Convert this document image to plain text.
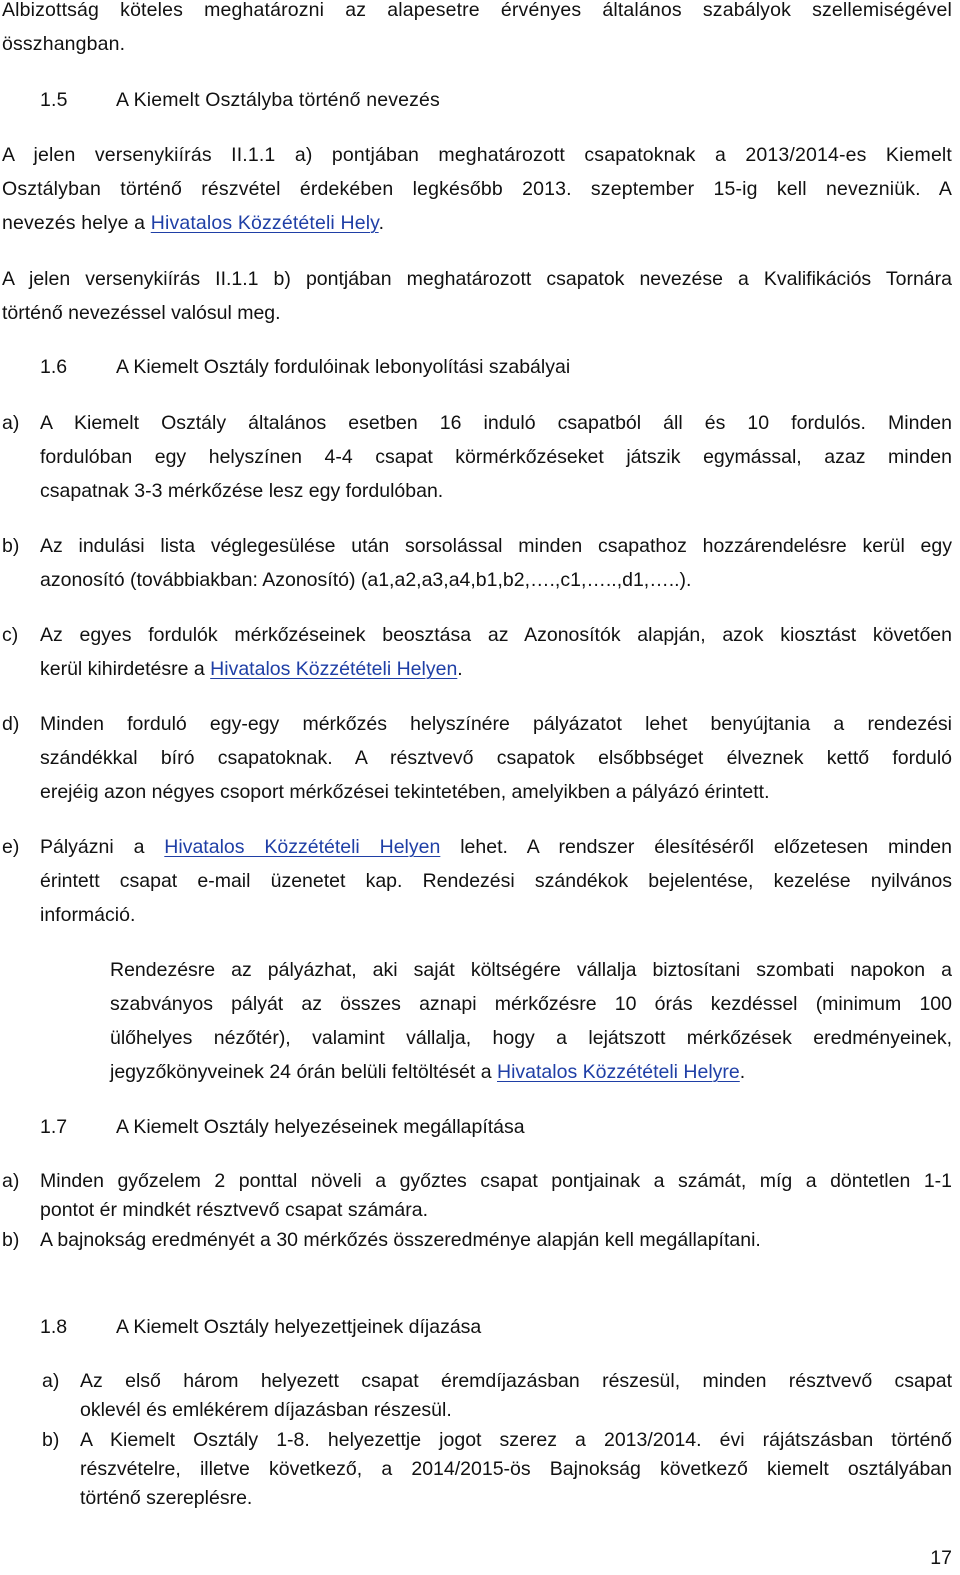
Albizottság köteles meghatározni az alapesetre érvényes általános szabályok szellemiségével
összhangban.
1.5 A Kiemelt Osztályba történő nevezés
A jelen versenykiírás II.1.1 a) pontjában meghatározott csapatoknak a 2013/2014-es Kiemelt
Osztályban történő részvétel érdekében legkésőbb 2013. szeptember 15-ig kell nevezniük. A
nevezés helye a Hivatalos Közzétételi Hely.
A jelen versenykiírás II.1.1 b) pontjában meghatározott csapatok nevezése a Kvalifikációs Tornára
történő nevezéssel valósul meg.
1.6	A Kiemelt Osztály fordulóinak lebonyolítási szabályai
a) A Kiemelt Osztály általános esetben 16 induló csapatból áll és 10 fordulós. Minden
fordulóban egy helyszínen 4-4 csapat körmérkőzéseket játszik egymással, azaz minden
csapatnak 3-3 mérkőzése lesz egy fordulóban.
b) Az indulási lista véglegesülése után sorsolással minden csapathoz hozzárendelésre kerül egy
azonosító (továbbiakban: Azonosító) (a1,a2,a3,a4,b1,b2,….,c1,…..,d1,…..).
c) Az egyes fordulók mérkőzéseinek beosztása az Azonosítók alapján, azok kiosztást követően
kerül kihirdetésre a Hivatalos Közzétételi Helyen.
d) Minden forduló egy-egy mérkőzés helyszínére pályázatot lehet benyújtania a rendezési
szándékkal bíró csapatoknak. A résztvevő csapatok elsőbbséget élveznek kettő forduló
erejéig azon négyes csoport mérkőzései tekintetében, amelyikben a pályázó érintett.
e) Pályázni a Hivatalos Közzétételi Helyen lehet. A rendszer élesítéséről előzetesen minden
érintett csapat e-mail üzenetet kap. Rendezési szándékok bejelentése, kezelése nyilvános
információ.
Rendezésre az pályázhat, aki saját költségére vállalja biztosítani szombati napokon a
szabványos pályát az összes aznapi mérkőzésre 10 órás kezdéssel (minimum 100
ülőhelyes nézőtér), valamint vállalja, hogy a lejátszott mérkőzések eredményeinek,
jegyzőkönyveinek 24 órán belüli feltöltését a Hivatalos Közzétételi Helyre.
1.7	A Kiemelt Osztály helyezéseinek megállapítása
a) Minden győzelem 2 ponttal növeli a győztes csapat pontjainak a számát, míg a döntetlen 1-1
pontot ér mindkét résztvevő csapat számára.
b) A bajnokság eredményét a 30 mérkőzés összeredménye alapján kell megállapítani.
1.8	A Kiemelt Osztály helyezettjeinek díjazása
a) Az első három helyezett csapat éremdíjazásban részesül, minden résztvevő csapat
oklevél és emlékérem díjazásban részesül.
b) A Kiemelt Osztály 1-8. helyezettje jogot szerez a 2013/2014. évi rájátszásban történő
részvételre, illetve következő, a 2014/2015-ös Bajnokság következő kiemelt osztályában
történő szereplésre.
17
